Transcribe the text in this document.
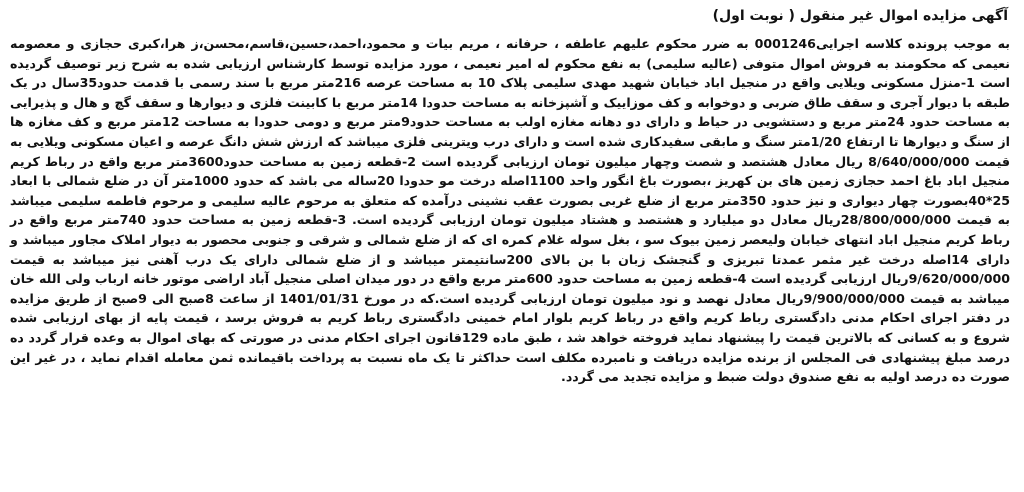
آگهی مزایده اموال غیر منقول ( نوبت اول)

به موجب پرونده کلاسه اجرایی0001246 به ضرر محکوم علیهم عاطفه ، حرفانه ، مریم بیات و محمود،احمد،حسین،قاسم،محسن،ز هرا،کبری حجازی و معصومه نعیمی که محکومند به فروش اموال متوفی (عالیه سلیمی) به نفع محکوم له امیر نعیمی ، مورد مزایده توسط کارشناس ارزیابی شده به شرح زیر توصیف گردیده است 1-منزل مسکونی ویلایی واقع در منجیل اباد خیابان شهید مهدی سلیمی پلاک 10 به مساحت عرصه 216متر مربع با سند رسمی با قدمت حدود35سال در یک طبقه با دیوار آجری و سقف طاق ضربی و دوخوابه و کف موزاییک و آشپزخانه به مساحت حدودا 14متر مربع با کابینت فلزی و دیوارها و سقف گچ و هال و پذیرایی به مساحت حدود 24متر مربع و دستشویی در حیاط و دارای دو دهانه مغازه اولب به مساحت حدود9متر مربع و دومی حدودا به مساحت 12متر مربع و کف مغازه ها از سنگ و دیوارها تا ارتفاع 1/20متر سنگ و مابقی سفیدکاری شده است و دارای درب ویترینی فلزی میباشد که ارزش شش دانگ عرصه و اعیان مسکونی ویلایی به قیمت 8/640/000/000 ریال معادل هشتصد و شصت وچهار میلیون تومان ارزیابی گردیده است 2-قطعه زمین به مساحت حدود3600متر مربع واقع در رباط کریم منجیل اباد باغ احمد حجازی زمین های بن کهریز ،بصورت باغ انگور واحد 1100اصله درخت مو حدودا 20ساله می باشد که حدود 1000متر آن در ضلع شمالی با ابعاد 25*40بصورت چهار دیواری و نیز حدود 350متر مربع از ضلع غربی بصورت عقب نشینی درآمده که متعلق به مرحوم عالیه سلیمی و مرحوم فاطمه سلیمی میباشد به قیمت 28/800/000/000ریال معادل دو میلیارد و هشتصد و هشتاد میلیون تومان ارزیابی گردیده است. 3-قطعه زمین به مساحت حدود 740متر مربع واقع در رباط کریم منجیل اباد انتهای خیابان ولیعصر زمین بیوک سو ، بغل سوله غلام کمره ای که از ضلع شمالی و شرقی و جنوبی محصور به دیوار املاک مجاور میباشد و دارای 14اصله درخت غیر مثمر عمدتا تبریزی و گنجشک زبان با بن بالای 200سانتیمتر میباشد و از ضلع شمالی دارای یک درب آهنی نیز میباشد به قیمت 9/620/000/000ریال ارزیابی گردیده است 4-قطعه زمین به مساحت حدود 600متر مربع واقع در دور میدان اصلی منجیل آباد اراضی موتور خانه ارباب ولی الله خان میباشد به قیمت 9/900/000/000ریال معادل نهصد و نود میلیون تومان ارزیابی گردیده است.که در مورخ 1401/01/31 از ساعت 8صبح الی 9صبح از طریق مزایده در دفتر اجرای احکام مدنی دادگستری رباط کریم واقع در رباط کریم بلوار امام خمینی دادگستری رباط کریم به فروش برسد ، قیمت پایه از بهای ارزیابی شده شروع و به کسانی که بالاترین قیمت را پیشنهاد نماید فروخته خواهد شد ، طبق ماده 129قانون اجرای احکام مدنی در صورتی که بهای اموال به وعده قرار گردد ده درصد مبلغ پیشنهادی فی المجلس از برنده مزایده دریافت و نامبرده مکلف است حداکثر تا یک ماه نسبت به پرداخت باقیمانده ثمن معامله اقدام نماید ، در غیر این صورت ده درصد اولیه به نفع صندوق دولت ضبط و مزایده تجدید می گردد.
